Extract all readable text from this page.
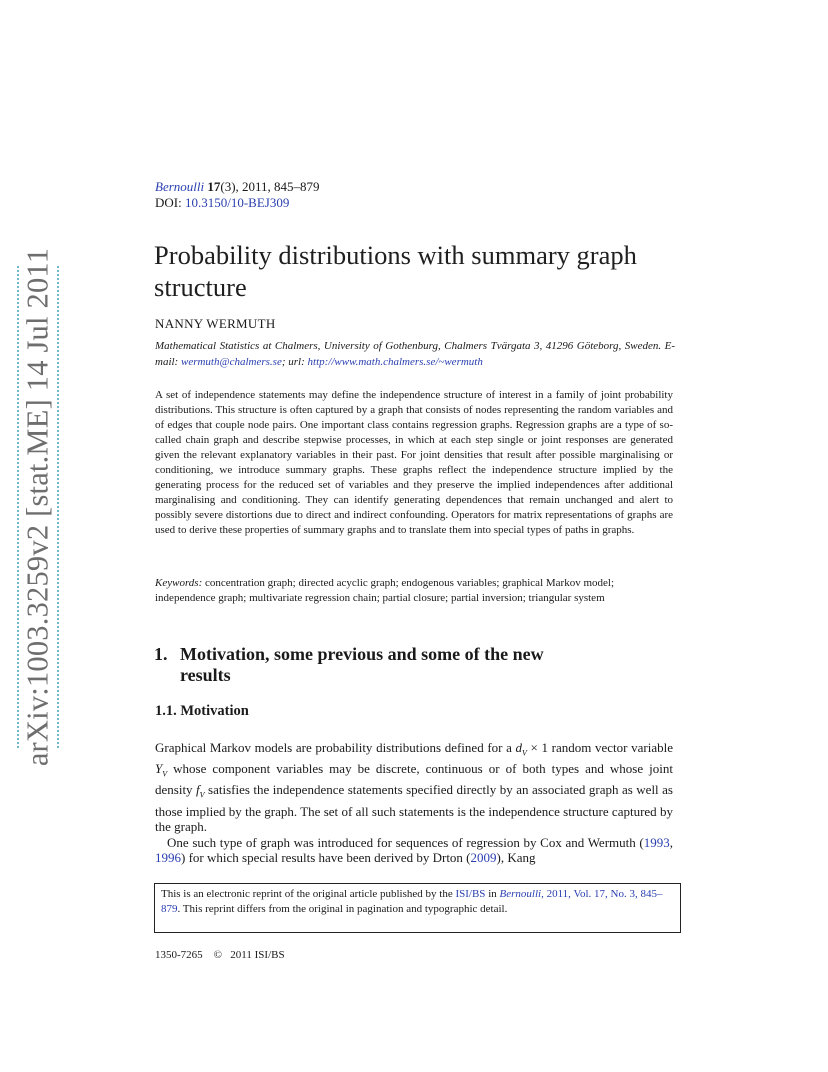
arXiv:1003.3259v2 [stat.ME] 14 Jul 2011
Bernoulli 17(3), 2011, 845–879
DOI: 10.3150/10-BEJ309
Probability distributions with summary graph structure
NANNY WERMUTH
Mathematical Statistics at Chalmers, University of Gothenburg, Chalmers Tvärgata 3, 41296 Göteborg, Sweden. E-mail: wermuth@chalmers.se; url: http://www.math.chalmers.se/~wermuth

A set of independence statements may define the independence structure of interest in a family of joint probability distributions. This structure is often captured by a graph that consists of nodes representing the random variables and of edges that couple node pairs. One important class contains regression graphs. Regression graphs are a type of so-called chain graph and describe stepwise processes, in which at each step single or joint responses are generated given the relevant explanatory variables in their past. For joint densities that result after possible marginalising or conditioning, we introduce summary graphs. These graphs reflect the independence structure implied by the generating process for the reduced set of variables and they preserve the implied independences after additional marginalising and conditioning. They can identify generating dependences that remain unchanged and alert to possibly severe distortions due to direct and indirect confounding. Operators for matrix representations of graphs are used to derive these properties of summary graphs and to translate them into special types of paths in graphs.

Keywords: concentration graph; directed acyclic graph; endogenous variables; graphical Markov model; independence graph; multivariate regression chain; partial closure; partial inversion; triangular system

1. Motivation, some previous and some of the new
results
1.1. Motivation

Graphical Markov models are probability distributions defined for a $d_V \times 1$ random vector variable $Y_V$ whose component variables may be discrete, continuous or of both types and whose joint density $f_V$ satisfies the independence statements specified directly by an associated graph as well as those implied by the graph. The set of all such statements is the independence structure captured by the graph.

One such type of graph was introduced for sequences of regression by Cox and Wermuth (1993, 1996) for which special results have been derived by Drton (2009), Kang

This is an electronic reprint of the original article published by the ISI/BS in Bernoulli, 2011, Vol. 17, No. 3, 845–879. This reprint differs from the original in pagination and typographic detail.
1350-7265 © 2011 ISI/BS
